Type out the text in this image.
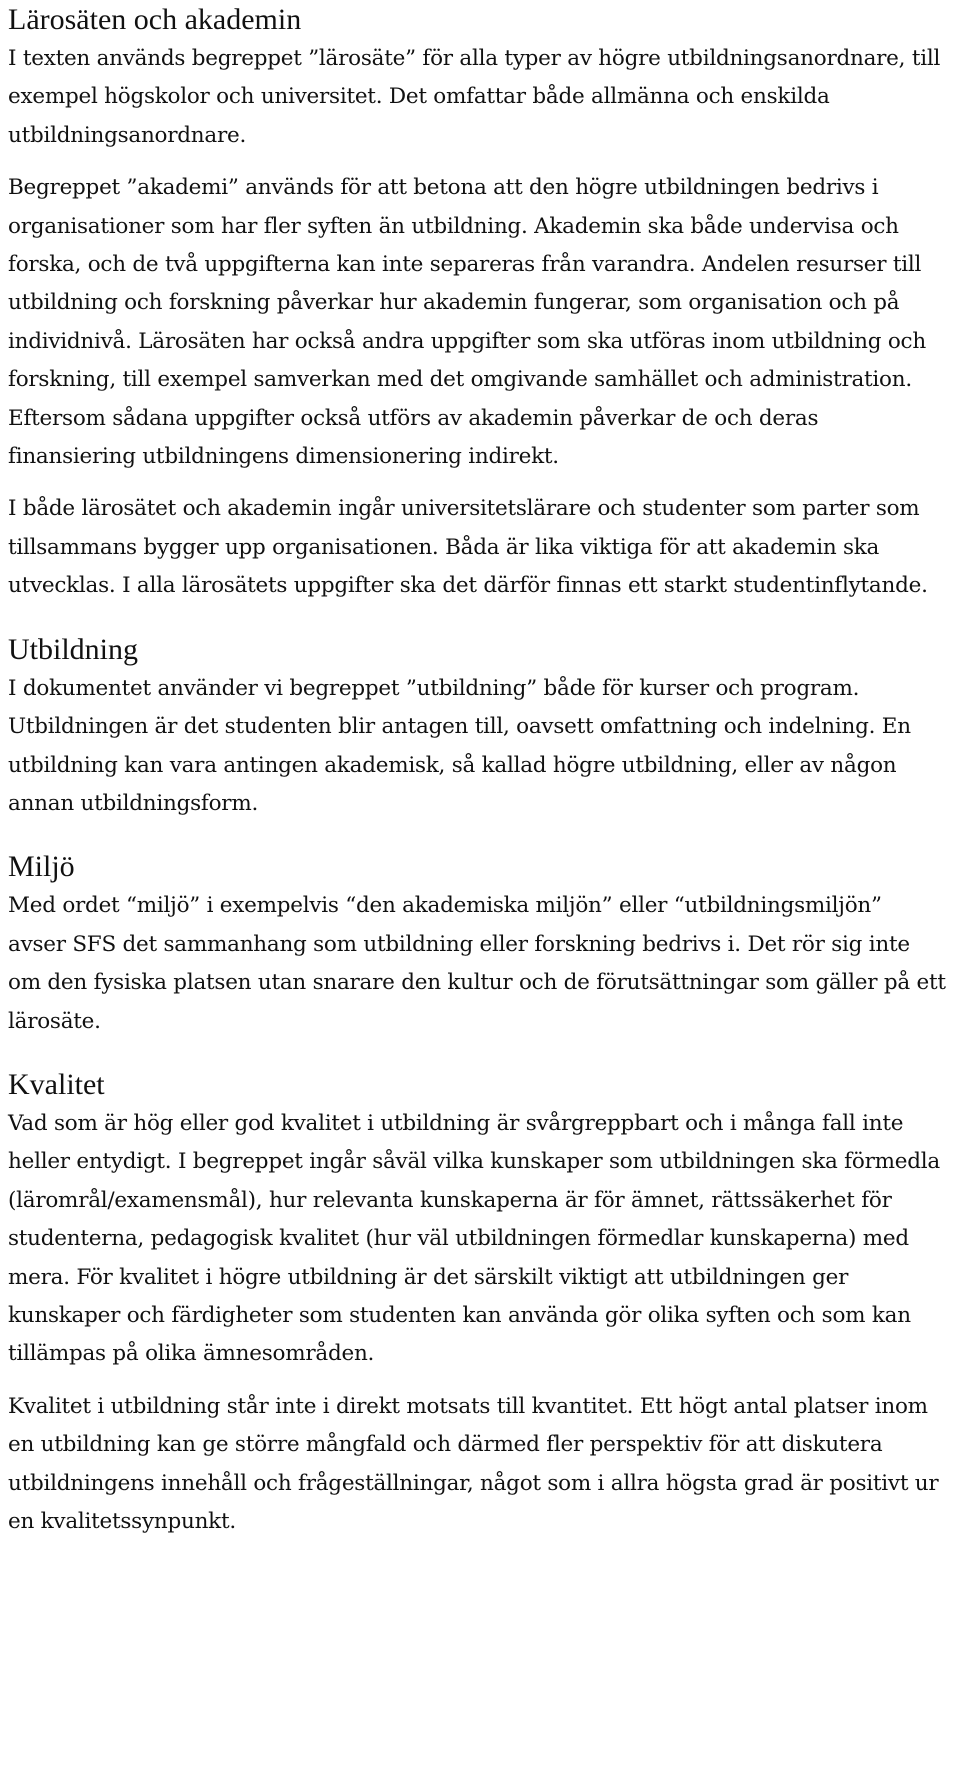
Lärosäten och akademin

I texten används begreppet ”lärosäte” för alla typer av högre utbildningsanordnare, till exempel högskolor och universitet. Det omfattar både allmänna och enskilda utbildningsanordnare.

Begreppet ”akademi” används för att betona att den högre utbildningen bedrivs i organisationer som har fler syften än utbildning. Akademin ska både undervisa och forska, och de två uppgifterna kan inte separeras från varandra. Andelen resurser till utbildning och forskning påverkar hur akademin fungerar, som organisation och på individnivå. Lärosäten har också andra uppgifter som ska utföras inom utbildning och forskning, till exempel samverkan med det omgivande samhället och administration. Eftersom sådana uppgifter också utförs av akademin påverkar de och deras finansiering utbildningens dimensionering indirekt.

I både lärosätet och akademin ingår universitetslärare och studenter som parter som tillsammans bygger upp organisationen. Båda är lika viktiga för att akademin ska utvecklas. I alla lärosätets uppgifter ska det därför finnas ett starkt studentinflytande.

Utbildning

I dokumentet använder vi begreppet ”utbildning” både för kurser och program. Utbildningen är det studenten blir antagen till, oavsett omfattning och indelning. En utbildning kan vara antingen akademisk, så kallad högre utbildning, eller av någon annan utbildningsform.

Miljö

Med ordet “miljö” i exempelvis “den akademiska miljön” eller “utbildningsmiljön” avser SFS det sammanhang som utbildning eller forskning bedrivs i. Det rör sig inte om den fysiska platsen utan snarare den kultur och de förutsättningar som gäller på ett lärosäte.

Kvalitet

Vad som är hög eller god kvalitet i utbildning är svårgreppbart och i många fall inte heller entydigt. I begreppet ingår såväl vilka kunskaper som utbildningen ska förmedla (lärområl/examensmål), hur relevanta kunskaperna är för ämnet, rättssäkerhet för studenterna, pedagogisk kvalitet (hur väl utbildningen förmedlar kunskaperna) med mera. För kvalitet i högre utbildning är det särskilt viktigt att utbildningen ger kunskaper och färdigheter som studenten kan använda gör olika syften och som kan tillämpas på olika ämnesområden.

Kvalitet i utbildning står inte i direkt motsats till kvantitet. Ett högt antal platser inom en utbildning kan ge större mångfald och därmed fler perspektiv för att diskutera utbildningens innehåll och frågeställningar, något som i allra högsta grad är positivt ur en kvalitetssynpunkt.
